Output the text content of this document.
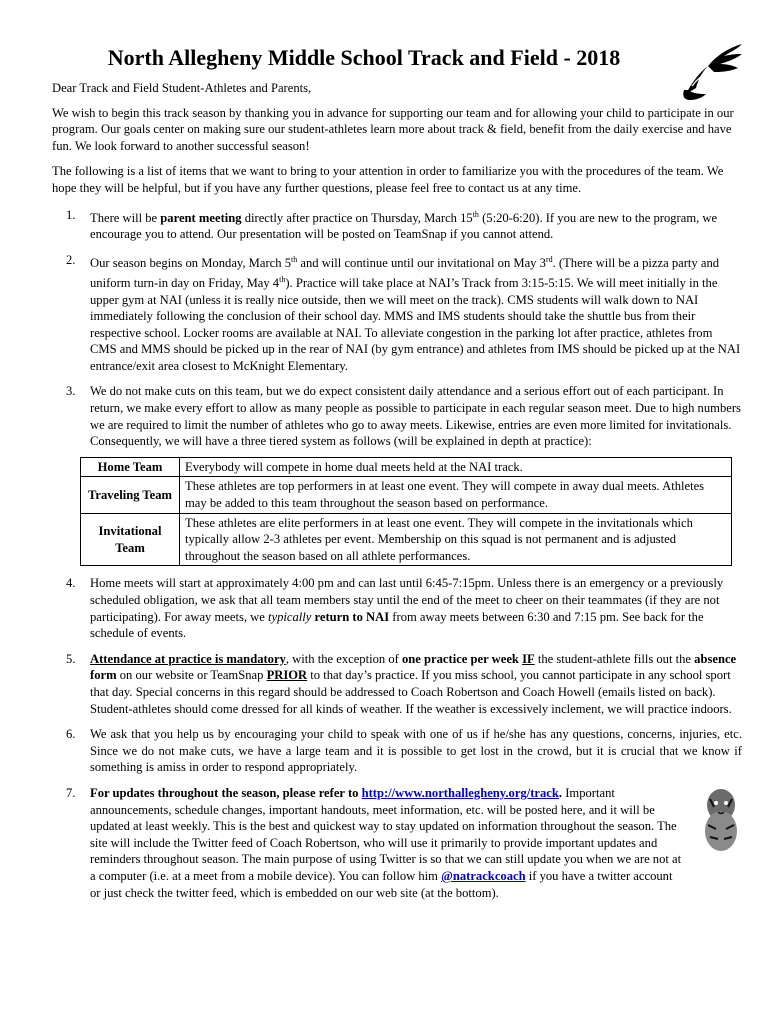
North Allegheny Middle School Track and Field - 2018

Dear Track and Field Student-Athletes and Parents,

We wish to begin this track season by thanking you in advance for supporting our team and for allowing your child to participate in our program. Our goals center on making sure our student-athletes learn more about track & field, benefit from the daily exercise and have fun. We look forward to another successful season!

The following is a list of items that we want to bring to your attention in order to familiarize you with the procedures of the team. We hope they will be helpful, but if you have any further questions, please feel free to contact us at any time.

1. There will be parent meeting directly after practice on Thursday, March 15th (5:20-6:20). If you are new to the program, we encourage you to attend. Our presentation will be posted on TeamSnap if you cannot attend.
2. Our season begins on Monday, March 5th and will continue until our invitational on May 3rd. (There will be a pizza party and uniform turn-in day on Friday, May 4th). Practice will take place at NAI’s Track from 3:15-5:15. We will meet initially in the upper gym at NAI (unless it is really nice outside, then we will meet on the track). CMS students will walk down to NAI immediately following the conclusion of their school day. MMS and IMS students should take the shuttle bus from their respective school. Locker rooms are available at NAI. To alleviate congestion in the parking lot after practice, athletes from CMS and MMS should be picked up in the rear of NAI (by gym entrance) and athletes from IMS should be picked up at the NAI entrance/exit area closest to McKnight Elementary.
3. We do not make cuts on this team, but we do expect consistent daily attendance and a serious effort out of each participant. In return, we make every effort to allow as many people as possible to participate in each regular season meet. Due to high numbers we are required to limit the number of athletes who go to away meets. Likewise, entries are even more limited for invitationals. Consequently, we will have a three tiered system as follows (will be explained in depth at practice):
Home Team	Everybody will compete in home dual meets held at the NAI track.
Traveling Team	These athletes are top performers in at least one event. They will compete in away dual meets. Athletes may be added to this team throughout the season based on performance.
Invitational Team	These athletes are elite performers in at least one event. They will compete in the invitationals which typically allow 2-3 athletes per event. Membership on this squad is not permanent and is adjusted throughout the season based on all athlete performances.
4. Home meets will start at approximately 4:00 pm and can last until 6:45-7:15pm. Unless there is an emergency or a previously scheduled obligation, we ask that all team members stay until the end of the meet to cheer on their teammates (if they are not participating). For away meets, we typically return to NAI from away meets between 6:30 and 7:15 pm. See back for the schedule of events.
5. Attendance at practice is mandatory, with the exception of one practice per week IF the student-athlete fills out the absence form on our website or TeamSnap PRIOR to that day’s practice. If you miss school, you cannot participate in any school sport that day. Special concerns in this regard should be addressed to Coach Robertson and Coach Howell (emails listed on back). Student-athletes should come dressed for all kinds of weather. If the weather is excessively inclement, we will practice indoors.
6. We ask that you help us by encouraging your child to speak with one of us if he/she has any questions, concerns, injuries, etc. Since we do not make cuts, we have a large team and it is possible to get lost in the crowd, but it is crucial that we know if something is amiss in order to respond appropriately.
7. For updates throughout the season, please refer to http://www.northallegheny.org/track. Important announcements, schedule changes, important handouts, meet information, etc. will be posted here, and it will be updated at least weekly. This is the best and quickest way to stay updated on information throughout the season. The site will include the Twitter feed of Coach Robertson, who will use it primarily to provide important updates and reminders throughout season. The main purpose of using Twitter is so that we can still update you when we are not at a computer (i.e. at a meet from a mobile device). You can follow him @natrackcoach if you have a twitter account or just check the twitter feed, which is embedded on our web site (at the bottom).
